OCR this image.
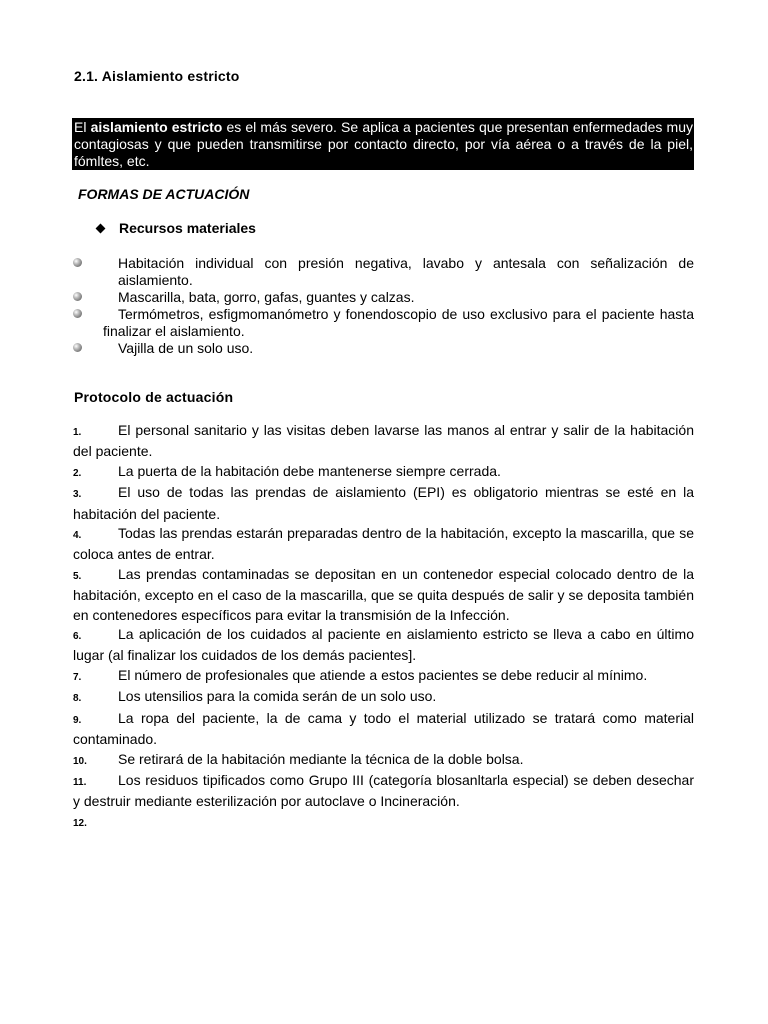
2.1. Aislamiento estricto
El aislamiento estricto es el más severo. Se aplica a pacientes que presentan enfermedades muy contagiosas y que pueden transmitirse por contacto directo, por vía aérea o a través de la piel, fómltes, etc.
FORMAS DE ACTUACIÓN
Recursos materiales
Habitación individual con presión negativa, lavabo y antesala con señalización de aislamiento.
Mascarilla, bata, gorro, gafas, guantes y calzas.
Termómetros, esfigmomanómetro y fonendoscopio de uso exclusivo para el paciente hastafinalizar el aislamiento.
Vajilla de un solo uso.
Protocolo de actuación
1.	El personal sanitario y las visitas deben lavarse las manos al entrar y salir de la habitación del paciente.
2.	La puerta de la habitación debe mantenerse siempre cerrada.
3.	El uso de todas las prendas de aislamiento (EPI) es obligatorio mientras se esté en la habitación del paciente.
4.	Todas las prendas estarán preparadas dentro de la habitación, excepto la mascarilla, que se coloca antes de entrar.
5.	Las prendas contaminadas se depositan en un contenedor especial colocado dentro de la habitación, excepto en el caso de la mascarilla, que se quita después de salir y se deposita también en contenedores específicos para evitar la transmisión de la Infección.
6.	La aplicación de los cuidados al paciente en aislamiento estricto se lleva a cabo en último lugar (al finalizar los cuidados de los demás pacientes].
7.	El número de profesionales que atiende a estos pacientes se debe reducir al mínimo.
8.	Los utensilios para la comida serán de un solo uso.
9.	La ropa del paciente, la de cama y todo el material utilizado se tratará como material contaminado.
10. Se retirará de la habitación mediante la técnica de la doble bolsa.
11. Los residuos tipificados como Grupo III (categoría blosanltarla especial) se deben desechar y destruir mediante esterilización por autoclave o Incineración.
12.
